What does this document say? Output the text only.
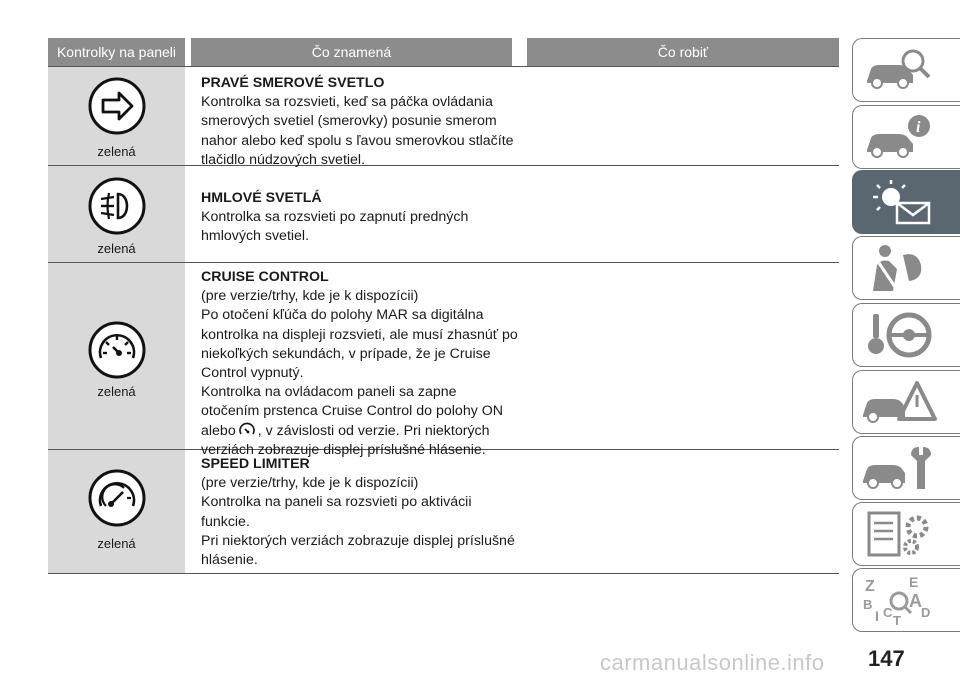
Kontrolky na paneli	Čo znamená	Čo robiť
zelená
PRAVÉ SMEROVÉ SVETLO
Kontrolka sa rozsvieti, keď sa páčka ovládania
smerových svetiel (smerovky) posunie smerom
nahor alebo keď spolu s ľavou smerovkou stlačíte
tlačidlo núdzových svetiel.
zelená
HMLOVÉ SVETLÁ
Kontrolka sa rozsvieti po zapnutí predných
hmlových svetiel.
zelená
CRUISE CONTROL
(pre verzie/trhy, kde je k dispozícii)
Po otočení kľúča do polohy MAR sa digitálna
kontrolka na displeji rozsvieti, ale musí zhasnúť po
niekoľkých sekundách, v prípade, že je Cruise
Control vypnutý.
Kontrolka na ovládacom paneli sa zapne
otočením prstenca Cruise Control do polohy ON
alebo , v závislosti od verzie. Pri niektorých
verziách zobrazuje displej príslušné hlásenie.
zelená
SPEED LIMITER
(pre verzie/trhy, kde je k dispozícii)
Kontrolka na paneli sa rozsvieti po aktivácii
funkcie.
Pri niektorých verziách zobrazuje displej príslušné
hlásenie.
i
Z E
B A
I C D
T
147
carmanualsonline.info
